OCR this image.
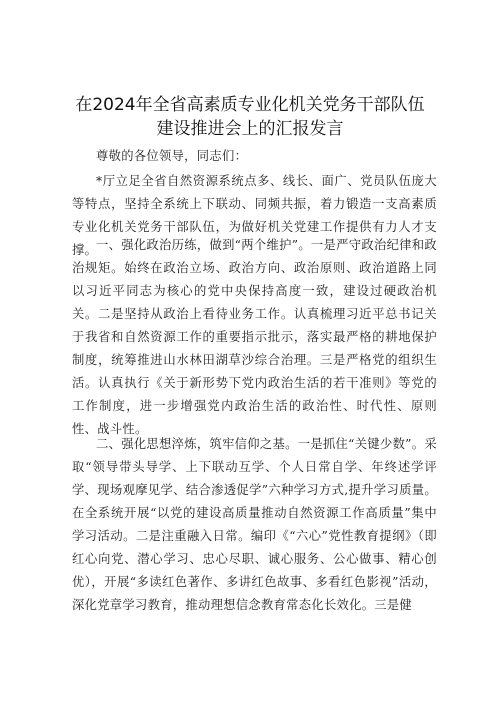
在2024年全省高素质专业化机关党务干部队伍
建设推进会上的汇报发言
尊敬的各位领导，同志们：

*厅立足全省自然资源系统点多、线长、面广、党员队伍庞大等特点，坚持全系统上下联动、同频共振，着力锻造一支高素质专业化机关党务干部队伍，为做好机关党建工作提供有力人才支撑。

一、强化政治历练，做到“两个维护”。一是严守政治纪律和政治规矩。始终在政治立场、政治方向、政治原则、政治道路上同以习近平同志为核心的党中央保持高度一致，建设过硬政治机关。二是坚持从政治上看待业务工作。认真梳理习近平总书记关于我省和自然资源工作的重要指示批示，落实最严格的耕地保护制度，统筹推进山水林田湖草沙综合治理。三是严格党的组织生活。认真执行《关于新形势下党内政治生活的若干准则》等党的工作制度，进一步增强党内政治生活的政治性、时代性、原则性、战斗性。

二、强化思想淬炼，筑牢信仰之基。一是抓住“关键少数”。采取“领导带头导学、上下联动互学、个人日常自学、年终述学评学、现场观摩见学、结合渗透促学”六种学习方式,提升学习质量。在全系统开展“以党的建设高质量推动自然资源工作高质量”集中学习活动。二是注重融入日常。编印《“六心”党性教育提纲》（即红心向党、潜心学习、忠心尽职、诚心服务、公心做事、精心创优），开展“多读红色著作、多讲红色故事、多看红色影视”活动，深化党章学习教育，推动理想信念教育常态化长效化。三是健
